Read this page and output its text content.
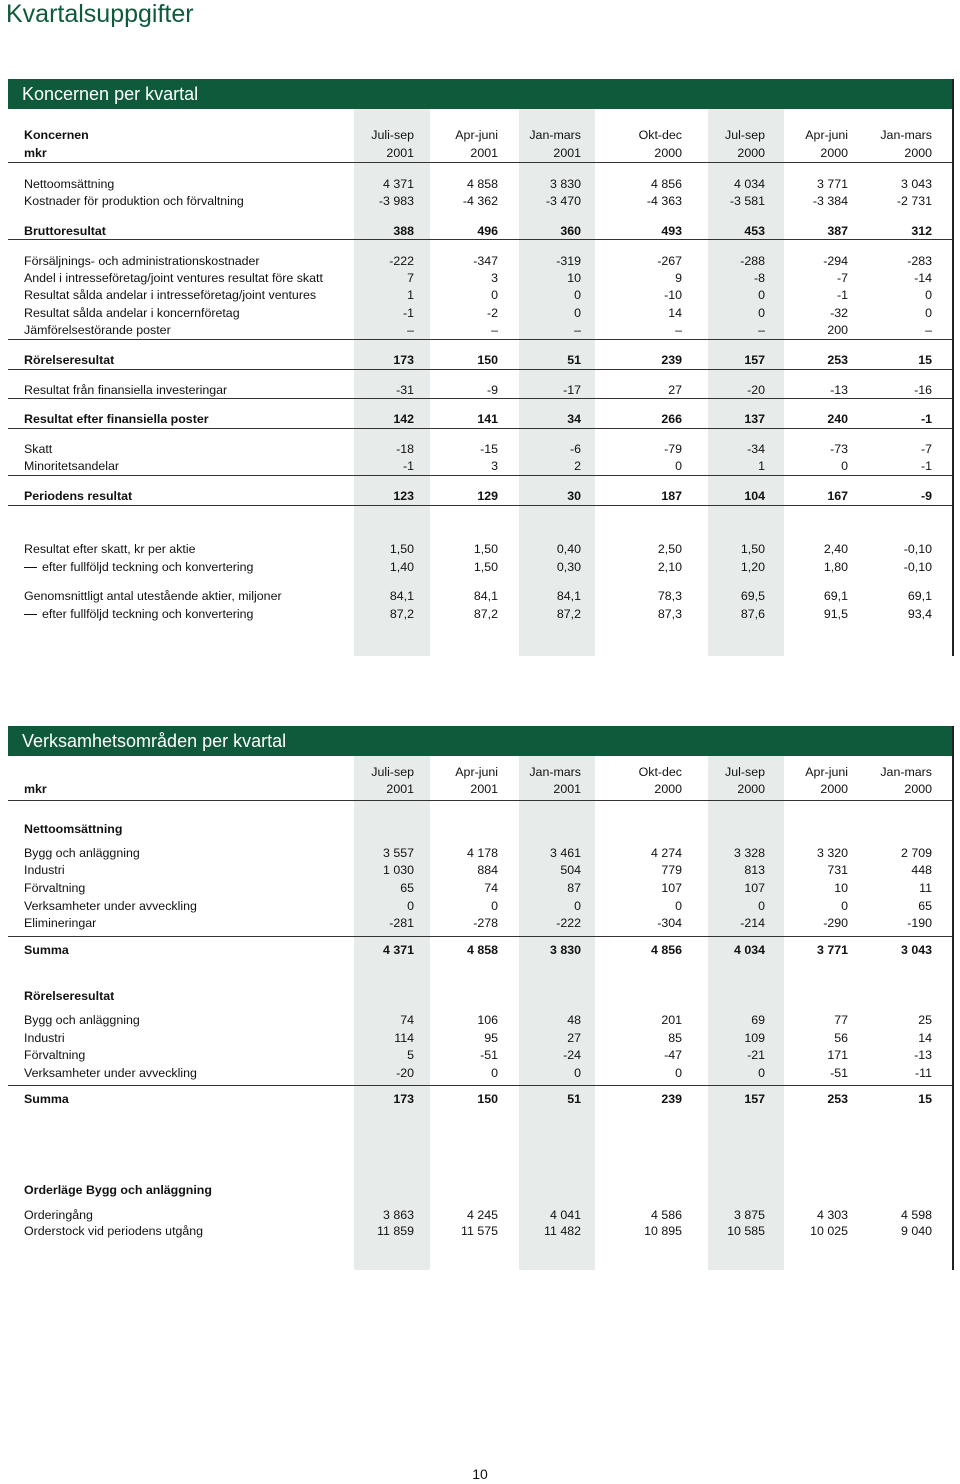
Kvartalsuppgifter
Koncernen per kvartal
Koncernen	Juli-sep	Apr-juni	Jan-mars	Okt-dec	Jul-sep	Apr-juni	Jan-mars
mkr	2001	2001	2001	2000	2000	2000	2000
Nettoomsättning	4 371	4 858	3 830	4 856	4 034	3 771	3 043
Kostnader för produktion och förvaltning	-3 983	-4 362	-3 470	-4 363	-3 581	-3 384	-2 731
Bruttoresultat	388	496	360	493	453	387	312
Försäljnings- och administrationskostnader	-222	-347	-319	-267	-288	-294	-283
Andel i intresseföretag/joint ventures resultat före skatt	7	3	10	9	-8	-7	-14
Resultat sålda andelar i intresseföretag/joint ventures	1	0	0	-10	0	-1	0
Resultat sålda andelar i koncernföretag	-1	-2	0	14	0	-32	0
Jämförelsestörande poster	–	–	–	–	–	200	–
Rörelseresultat	173	150	51	239	157	253	15
Resultat från finansiella investeringar	-31	-9	-17	27	-20	-13	-16
Resultat efter finansiella poster	142	141	34	266	137	240	-1
Skatt	-18	-15	-6	-79	-34	-73	-7
Minoritetsandelar	-1	3	2	0	1	0	-1
Periodens resultat	123	129	30	187	104	167	-9
Resultat efter skatt, kr per aktie	1,50	1,50	0,40	2,50	1,50	2,40	-0,10
efter fullföljd teckning och konvertering	1,40	1,50	0,30	2,10	1,20	1,80	-0,10
Genomsnittligt antal utestående aktier, miljoner	84,1	84,1	84,1	78,3	69,5	69,1	69,1
efter fullföljd teckning och konvertering	87,2	87,2	87,2	87,3	87,6	91,5	93,4
Verksamhetsområden per kvartal
Juli-sep	Apr-juni	Jan-mars	Okt-dec	Jul-sep	Apr-juni	Jan-mars
mkr	2001	2001	2001	2000	2000	2000	2000
Nettoomsättning
Bygg och anläggning	3 557	4 178	3 461	4 274	3 328	3 320	2 709
Industri	1 030	884	504	779	813	731	448
Förvaltning	65	74	87	107	107	10	11
Verksamheter under avveckling	0	0	0	0	0	0	65
Elimineringar	-281	-278	-222	-304	-214	-290	-190
Summa	4 371	4 858	3 830	4 856	4 034	3 771	3 043
Rörelseresultat
Bygg och anläggning	74	106	48	201	69	77	25
Industri	114	95	27	85	109	56	14
Förvaltning	5	-51	-24	-47	-21	171	-13
Verksamheter under avveckling	-20	0	0	0	0	-51	-11
Summa	173	150	51	239	157	253	15
Orderläge Bygg och anläggning
Orderingång	3 863	4 245	4 041	4 586	3 875	4 303	4 598
Orderstock vid periodens utgång	11 859	11 575	11 482	10 895	10 585	10 025	9 040
10
